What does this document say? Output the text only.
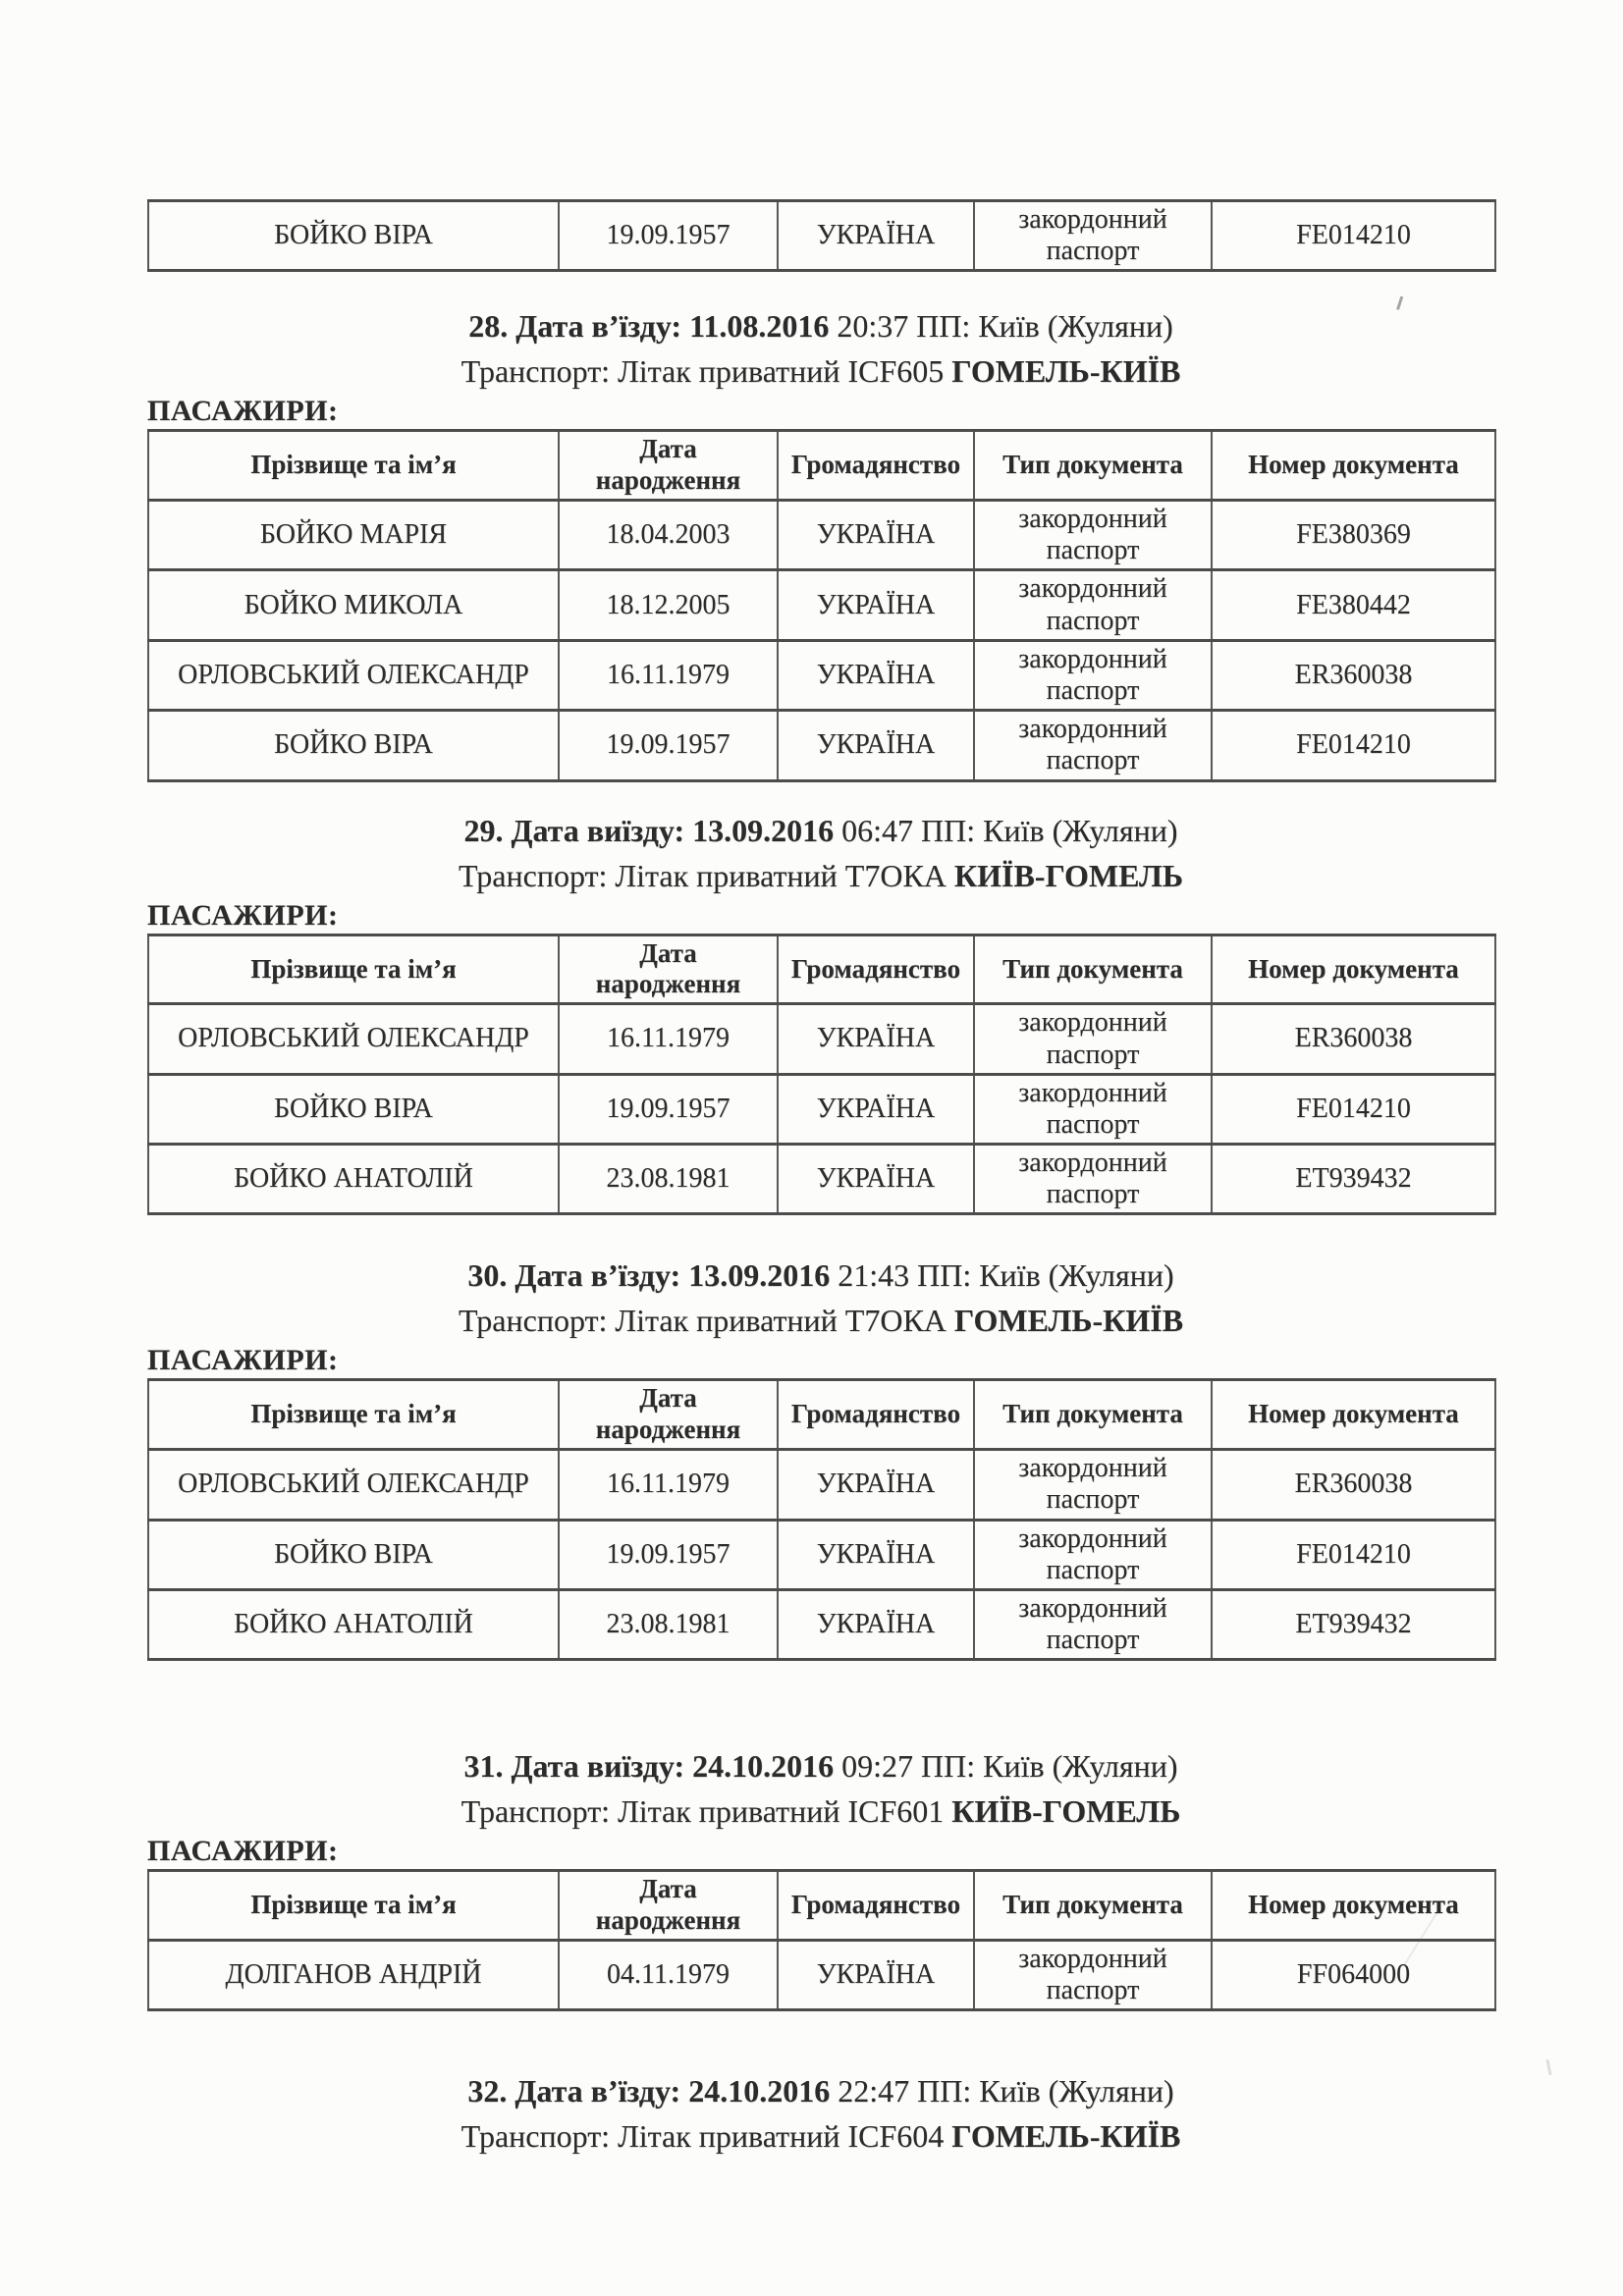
БОЙКО ВІРА	19.09.1957	УКРАЇНА	закордонний паспорт	FE014210

28. Дата в’їзду: 11.08.2016 20:37 ПП: Київ (Жуляни)
Транспорт: Літак приватний ICF605 ГОМЕЛЬ-КИЇВ

ПАСАЖИРИ:

Прізвище та ім’я	Дата народження	Громадянство	Тип документа	Номер документа
БОЙКО МАРІЯ	18.04.2003	УКРАЇНА	закордонний паспорт	FE380369
БОЙКО МИКОЛА	18.12.2005	УКРАЇНА	закордонний паспорт	FE380442
ОРЛОВСЬКИЙ ОЛЕКСАНДР	16.11.1979	УКРАЇНА	закордонний паспорт	ER360038
БОЙКО ВІРА	19.09.1957	УКРАЇНА	закордонний паспорт	FE014210

29. Дата виїзду: 13.09.2016 06:47 ПП: Київ (Жуляни)
Транспорт: Літак приватний Т7ОКА КИЇВ-ГОМЕЛЬ

ПАСАЖИРИ:

Прізвище та ім’я	Дата народження	Громадянство	Тип документа	Номер документа
ОРЛОВСЬКИЙ ОЛЕКСАНДР	16.11.1979	УКРАЇНА	закордонний паспорт	ER360038
БОЙКО ВІРА	19.09.1957	УКРАЇНА	закордонний паспорт	FE014210
БОЙКО АНАТОЛІЙ	23.08.1981	УКРАЇНА	закордонний паспорт	ET939432

30. Дата в’їзду: 13.09.2016 21:43 ПП: Київ (Жуляни)
Транспорт: Літак приватний Т7ОКА ГОМЕЛЬ-КИЇВ

ПАСАЖИРИ:

Прізвище та ім’я	Дата народження	Громадянство	Тип документа	Номер документа
ОРЛОВСЬКИЙ ОЛЕКСАНДР	16.11.1979	УКРАЇНА	закордонний паспорт	ER360038
БОЙКО ВІРА	19.09.1957	УКРАЇНА	закордонний паспорт	FE014210
БОЙКО АНАТОЛІЙ	23.08.1981	УКРАЇНА	закордонний паспорт	ET939432

31. Дата виїзду: 24.10.2016 09:27 ПП: Київ (Жуляни)
Транспорт: Літак приватний ICF601 КИЇВ-ГОМЕЛЬ

ПАСАЖИРИ:

Прізвище та ім’я	Дата народження	Громадянство	Тип документа	Номер документа
ДОЛГАНОВ АНДРІЙ	04.11.1979	УКРАЇНА	закордонний паспорт	FF064000

32. Дата в’їзду: 24.10.2016 22:47 ПП: Київ (Жуляни)
Транспорт: Літак приватний ICF604 ГОМЕЛЬ-КИЇВ
